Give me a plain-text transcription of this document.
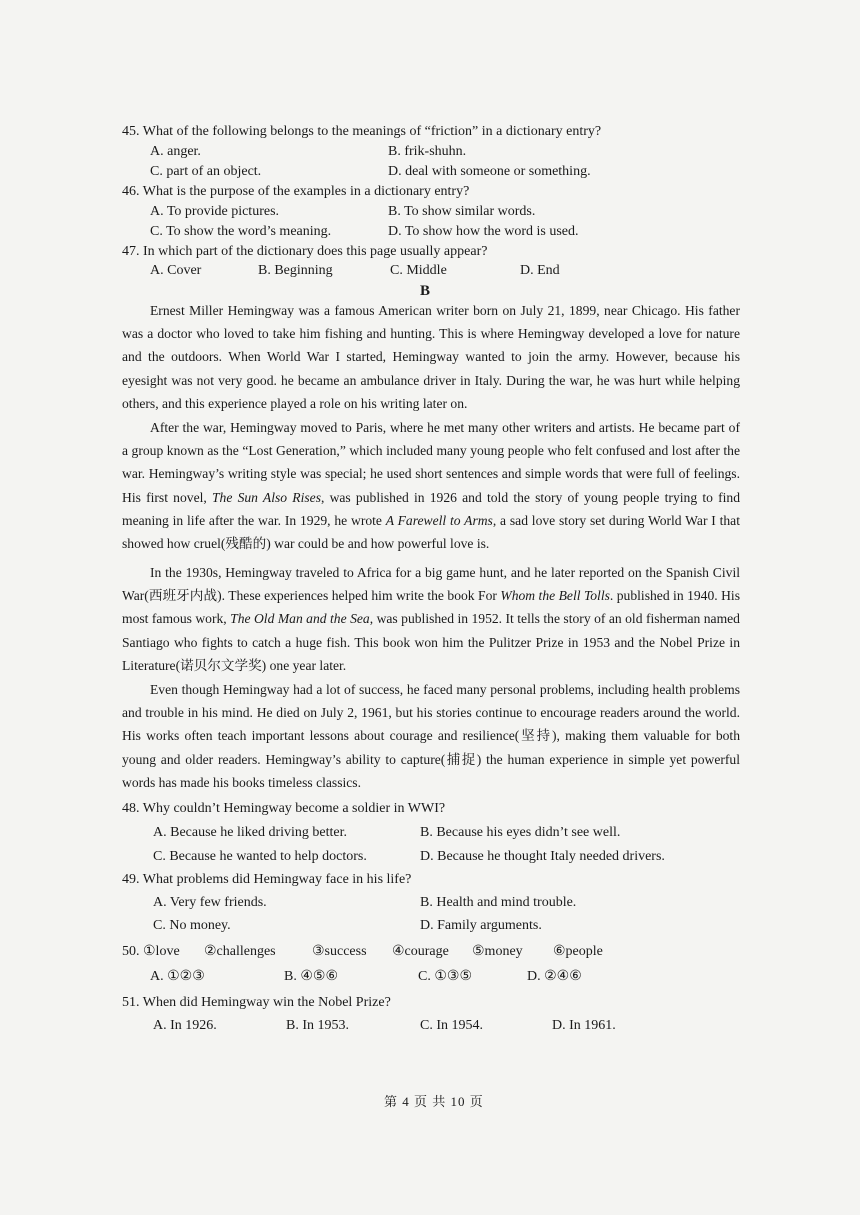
45. What of the following belongs to the meanings of “friction” in a dictionary entry?
A. anger.	B. frik-shuhn.
C. part of an object.	D. deal with someone or something.
46. What is the purpose of the examples in a dictionary entry?
A. To provide pictures.	B. To show similar words.
C. To show the word’s meaning.	D. To show how the word is used.
47. In which part of the dictionary does this page usually appear?
A. Cover	B. Beginning	C. Middle	D. End
B
Ernest Miller Hemingway was a famous American writer born on July 21, 1899, near Chicago. His father was a doctor who loved to take him fishing and hunting. This is where Hemingway developed a love for nature and the outdoors. When World War I started, Hemingway wanted to join the army. However, because his eyesight was not very good. he became an ambulance driver in Italy. During the war, he was hurt while helping others, and this experience played a role on his writing later on.
After the war, Hemingway moved to Paris, where he met many other writers and artists. He became part of a group known as the “Lost Generation,” which included many young people who felt confused and lost after the war. Hemingway’s writing style was special; he used short sentences and simple words that were full of feelings. His first novel, The Sun Also Rises, was published in 1926 and told the story of young people trying to find meaning in life after the war. In 1929, he wrote A Farewell to Arms, a sad love story set during World War I that showed how cruel(残酷的) war could be and how powerful love is.
In the 1930s, Hemingway traveled to Africa for a big game hunt, and he later reported on the Spanish Civil War(西班牙内战). These experiences helped him write the book For Whom the Bell Tolls. published in 1940. His most famous work, The Old Man and the Sea, was published in 1952. It tells the story of an old fisherman named Santiago who fights to catch a huge fish. This book won him the Pulitzer Prize in 1953 and the Nobel Prize in Literature(诺贝尔文学奖) one year later.
Even though Hemingway had a lot of success, he faced many personal problems, including health problems and trouble in his mind. He died on July 2, 1961, but his stories continue to encourage readers around the world. His works often teach important lessons about courage and resilience(坚持), making them valuable for both young and older readers. Hemingway’s ability to capture(捕捉) the human experience in simple yet powerful words has made his books timeless classics.
48. Why couldn’t Hemingway become a soldier in WWI?
A. Because he liked driving better.	B. Because his eyes didn’t see well.
C. Because he wanted to help doctors.	D. Because he thought Italy needed drivers.
49. What problems did Hemingway face in his life?
A. Very few friends.	B. Health and mind trouble.
C. No money.	D. Family arguments.
50. ①love ②challenges	③success ④courage ⑤money ⑥people
A. ①②③	B. ④⑤⑥	C. ①③⑤	D. ②④⑥
51. When did Hemingway win the Nobel Prize?
A. In 1926.	B. In 1953.	C. In 1954.	D. In 1961.
第 4 页 共 10 页
